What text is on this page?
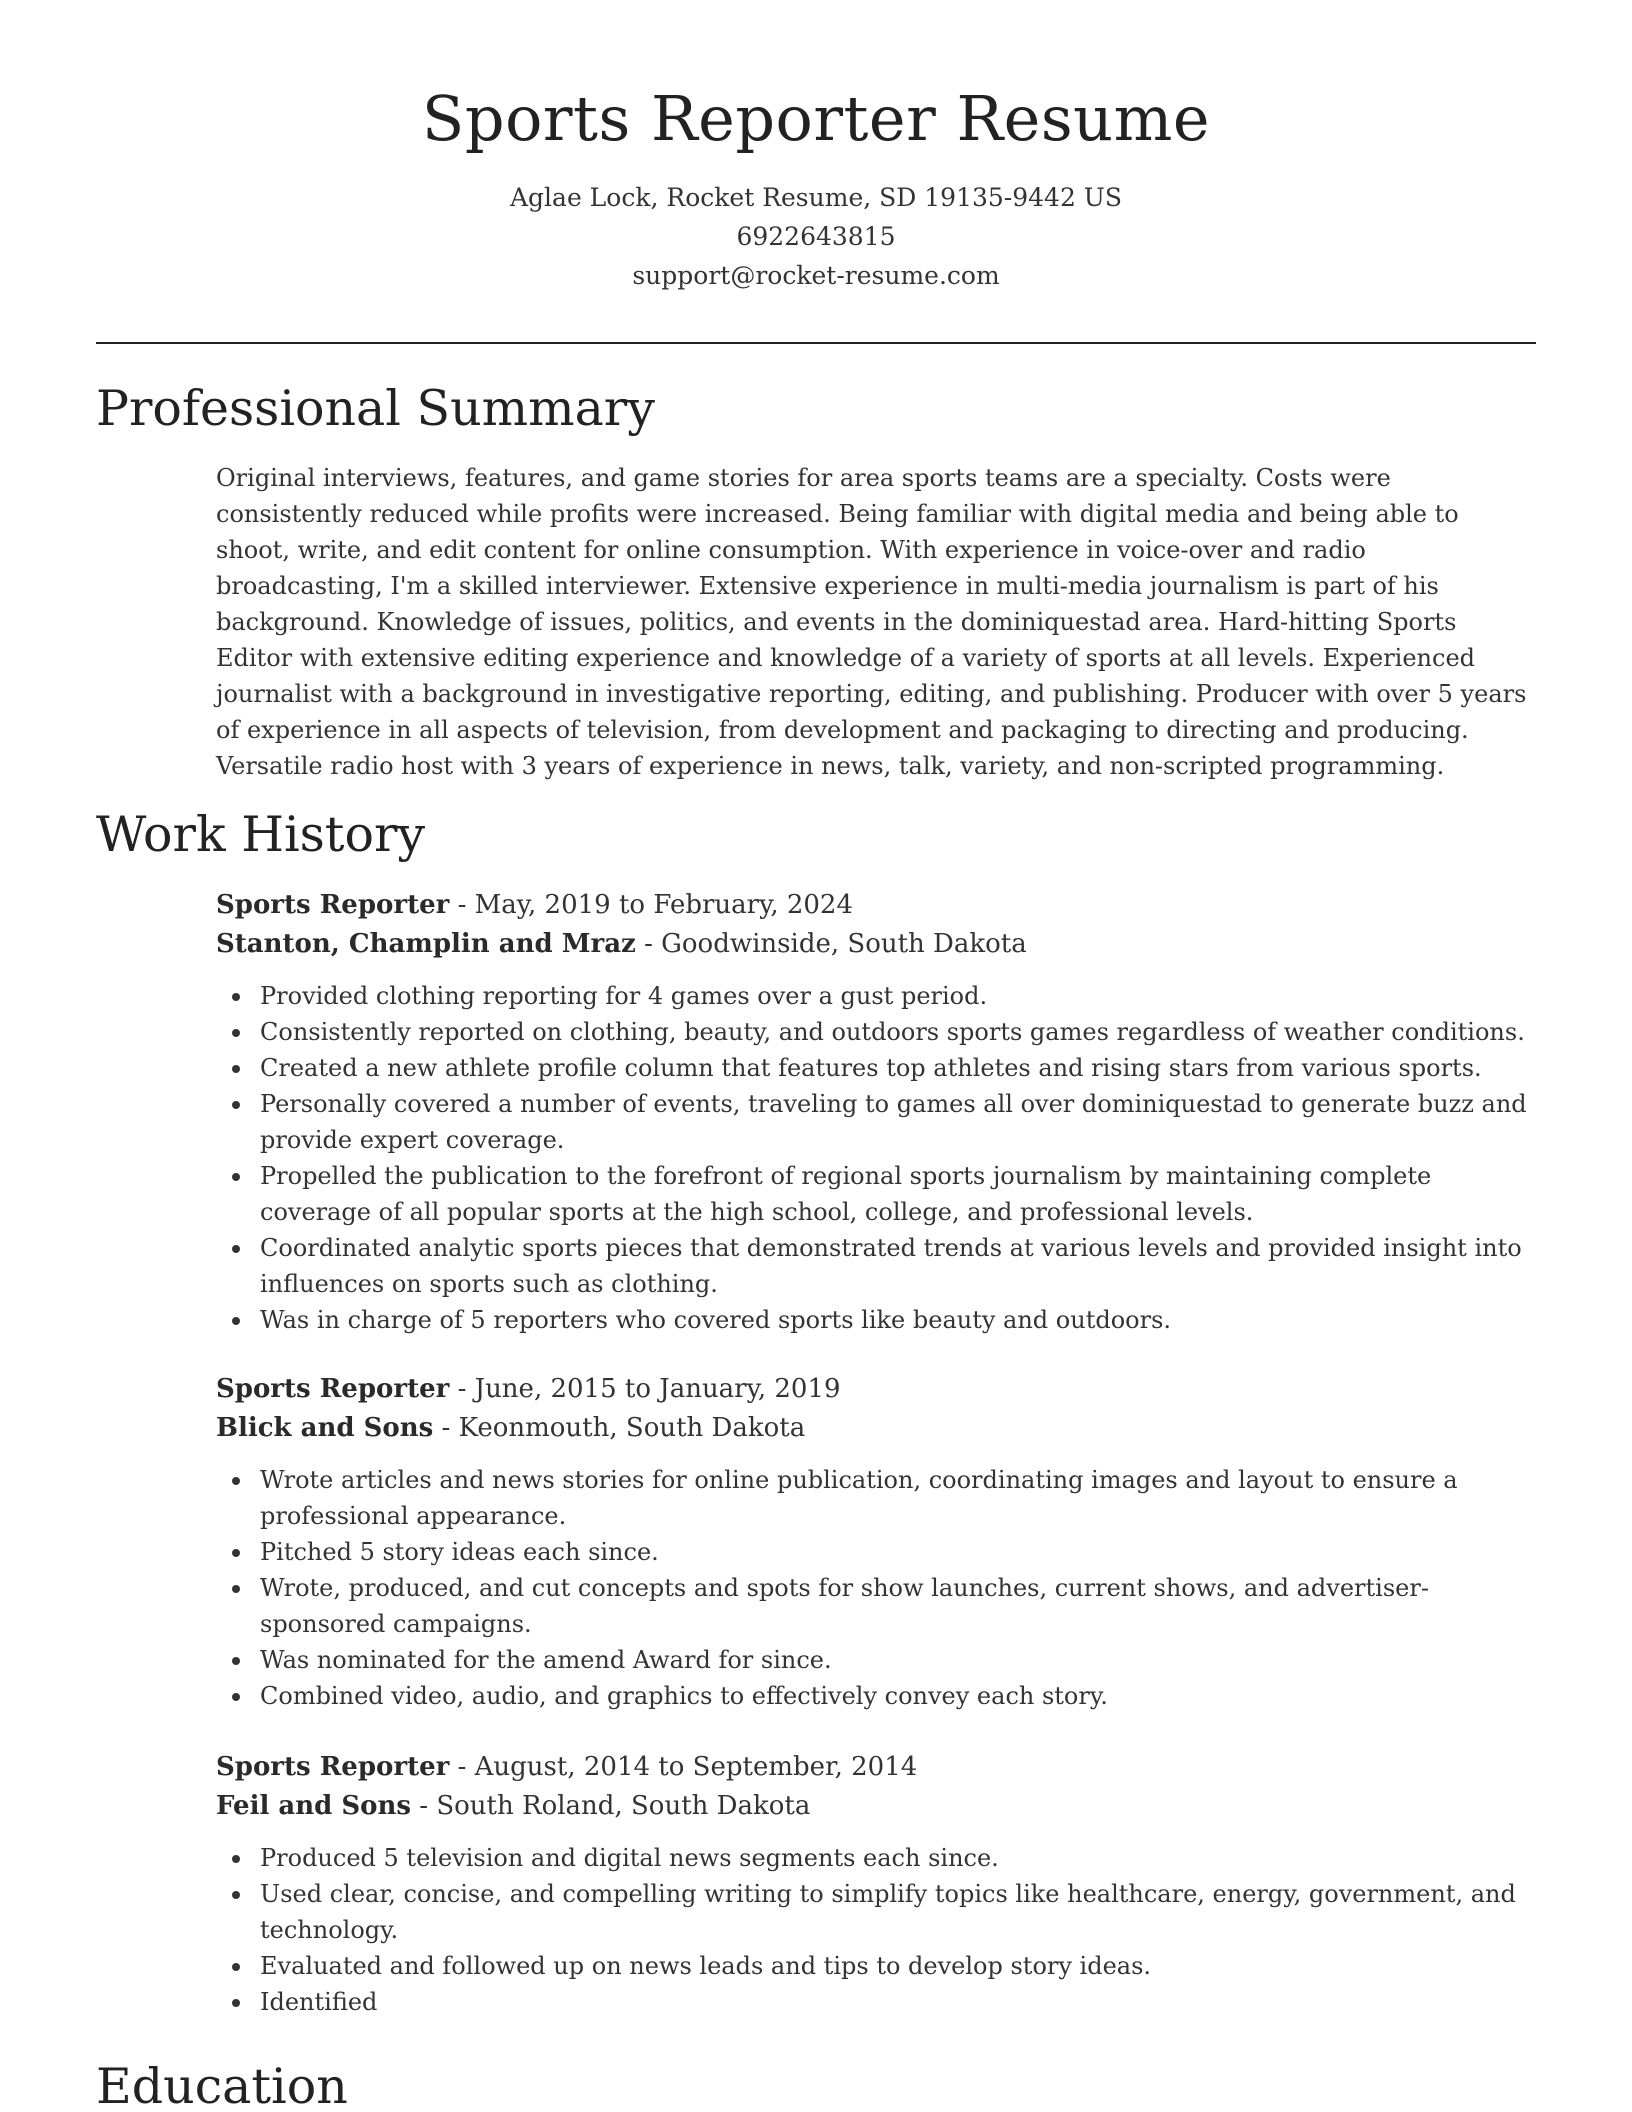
Sports Reporter Resume
Aglae Lock, Rocket Resume, SD 19135-9442 US
6922643815
support@rocket-resume.com
Professional Summary

Original interviews, features, and game stories for area sports teams are a specialty. Costs were consistently reduced while profits were increased. Being familiar with digital media and being able to shoot, write, and edit content for online consumption. With experience in voice-over and radio broadcasting, I'm a skilled interviewer. Extensive experience in multi-media journalism is part of his background. Knowledge of issues, politics, and events in the dominiquestad area. Hard-hitting Sports Editor with extensive editing experience and knowledge of a variety of sports at all levels. Experienced journalist with a background in investigative reporting, editing, and publishing. Producer with over 5 years of experience in all aspects of television, from development and packaging to directing and producing. Versatile radio host with 3 years of experience in news, talk, variety, and non-scripted programming.

Work History

Sports Reporter - May, 2019 to February, 2024

Stanton, Champlin and Mraz - Goodwinside, South Dakota

Provided clothing reporting for 4 games over a gust period.
Consistently reported on clothing, beauty, and outdoors sports games regardless of weather conditions.
Created a new athlete profile column that features top athletes and rising stars from various sports.
Personally covered a number of events, traveling to games all over dominiquestad to generate buzz and provide expert coverage.
Propelled the publication to the forefront of regional sports journalism by maintaining complete coverage of all popular sports at the high school, college, and professional levels.
Coordinated analytic sports pieces that demonstrated trends at various levels and provided insight into influences on sports such as clothing.
Was in charge of 5 reporters who covered sports like beauty and outdoors.

Sports Reporter - June, 2015 to January, 2019

Blick and Sons - Keonmouth, South Dakota

Wrote articles and news stories for online publication, coordinating images and layout to ensure a professional appearance.
Pitched 5 story ideas each since.
Wrote, produced, and cut concepts and spots for show launches, current shows, and advertiser-sponsored campaigns.
Was nominated for the amend Award for since.
Combined video, audio, and graphics to effectively convey each story.

Sports Reporter - August, 2014 to September, 2014

Feil and Sons - South Roland, South Dakota

Produced 5 television and digital news segments each since.
Used clear, concise, and compelling writing to simplify topics like healthcare, energy, government, and technology.
Evaluated and followed up on news leads and tips to develop story ideas.
Identified
Education
